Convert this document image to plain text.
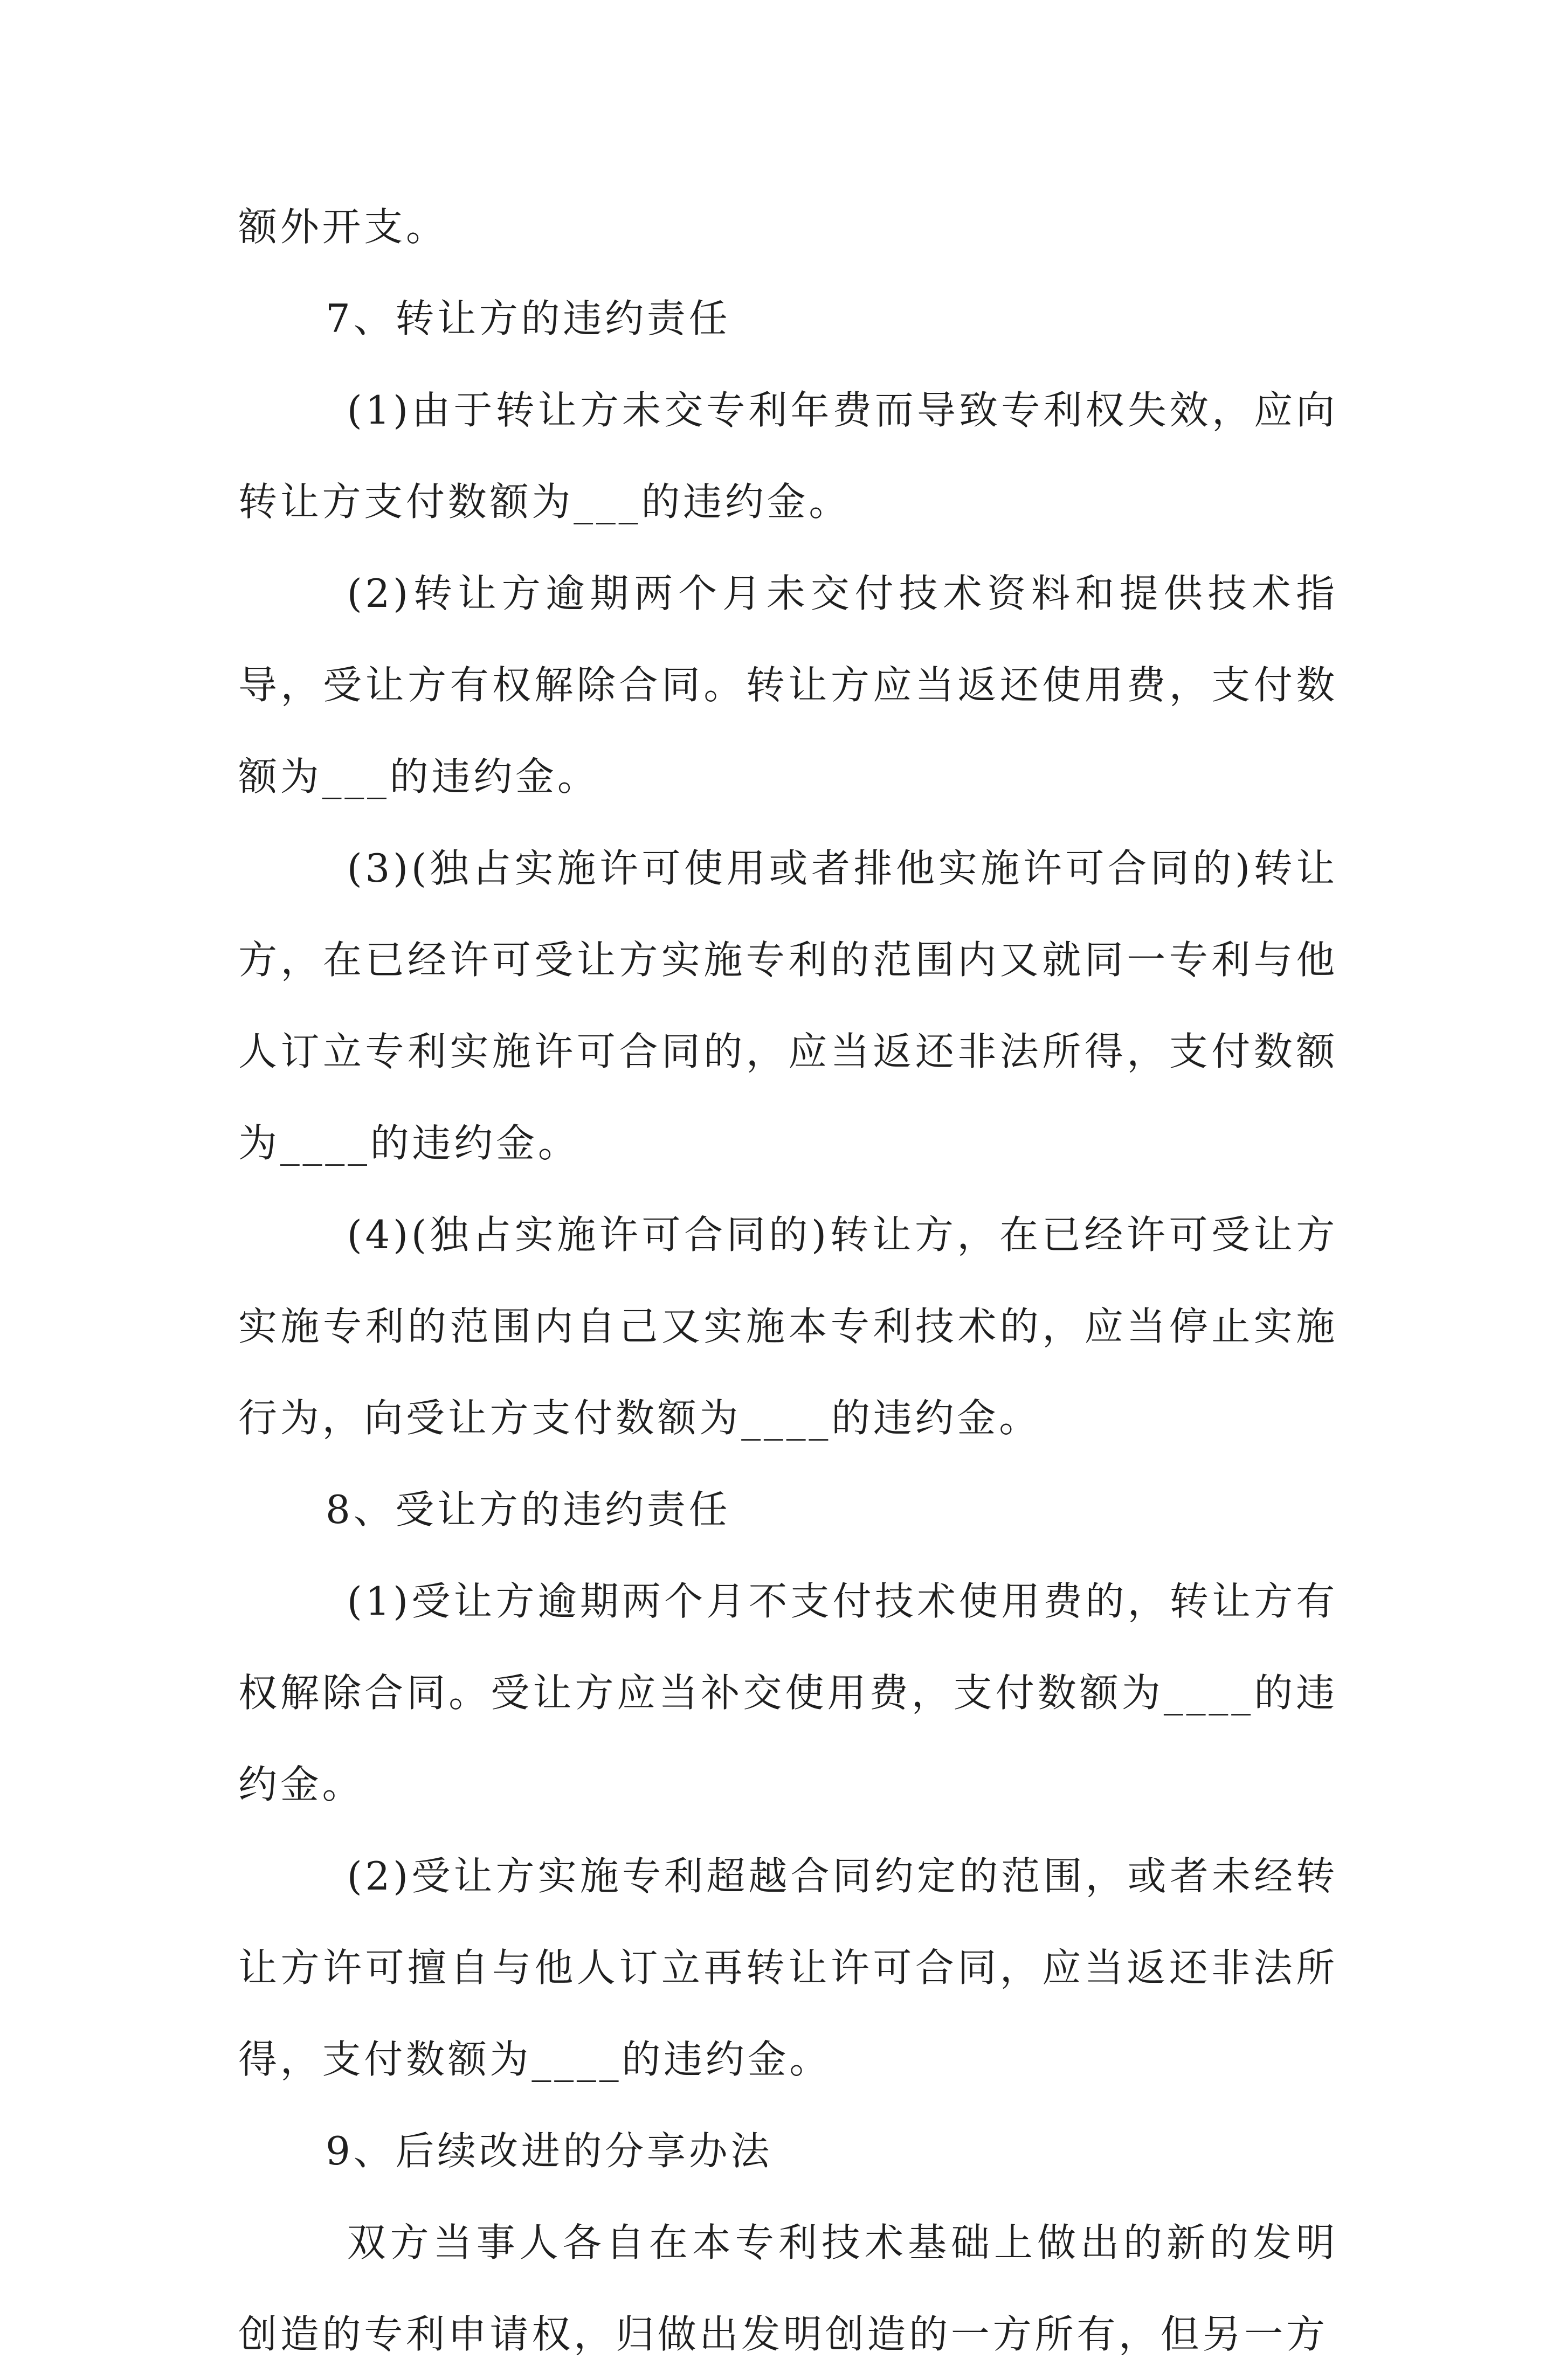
额外开支。

7、转让方的违约责任

(1)由于转让方未交专利年费而导致专利权失效，应向转让方支付数额为___的违约金。

(2)转让方逾期两个月未交付技术资料和提供技术指导，受让方有权解除合同。转让方应当返还使用费，支付数额为___的违约金。

(3)(独占实施许可使用或者排他实施许可合同的)转让方，在已经许可受让方实施专利的范围内又就同一专利与他人订立专利实施许可合同的，应当返还非法所得，支付数额为____的违约金。

(4)(独占实施许可合同的)转让方，在已经许可受让方实施专利的范围内自己又实施本专利技术的，应当停止实施行为，向受让方支付数额为____的违约金。

8、受让方的违约责任

(1)受让方逾期两个月不支付技术使用费的，转让方有权解除合同。受让方应当补交使用费，支付数额为____的违约金。

(2)受让方实施专利超越合同约定的范围，或者未经转让方许可擅自与他人订立再转让许可合同，应当返还非法所得，支付数额为____的违约金。

9、后续改进的分享办法

双方当事人各自在本专利技术基础上做出的新的发明创造的专利申请权，归做出发明创造的一方所有，但另一方
